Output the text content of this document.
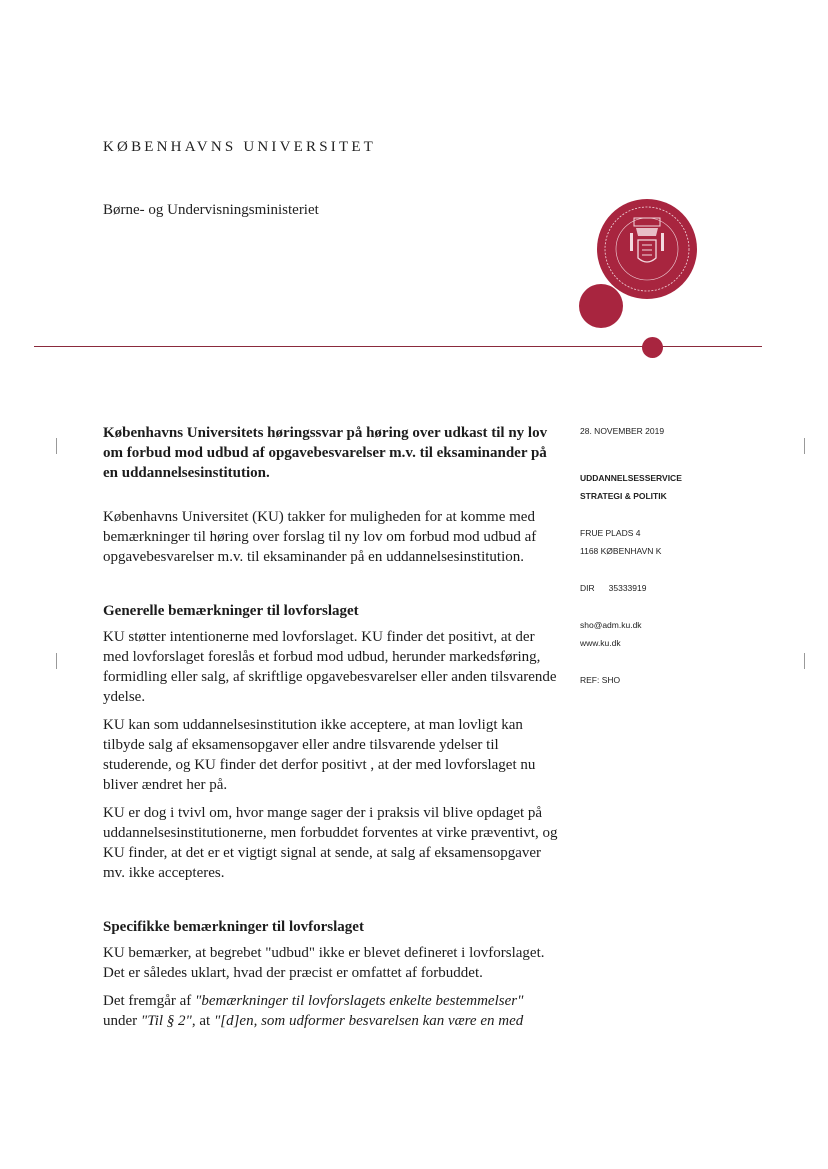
KØBENHAVNS UNIVERSITET
Børne- og Undervisningsministeriet
Københavns Universitets høringssvar på høring over udkast til ny lov om forbud mod udbud af opgavebesvarelser m.v. til eksaminander på en uddannelsesinstitution.

Københavns Universitet (KU) takker for muligheden for at komme med bemærkninger til høring over forslag til ny lov om forbud mod udbud af opgavebesvarelser m.v. til eksaminander på en uddannelsesinstitution.

Generelle bemærkninger til lovforslaget

KU støtter intentionerne med lovforslaget. KU finder det positivt, at der med lovforslaget foreslås et forbud mod udbud, herunder markedsføring, formidling eller salg, af skriftlige opgavebesvarelser eller anden tilsvarende ydelse.

KU kan som uddannelsesinstitution ikke acceptere, at man lovligt kan tilbyde salg af eksamensopgaver eller andre tilsvarende ydelser til studerende, og KU finder det derfor positivt , at der med lovforslaget nu bliver ændret her på.

KU er dog i tvivl om, hvor mange sager der i praksis vil blive opdaget på uddannelsesinstitutionerne, men forbuddet forventes at virke præventivt, og KU finder, at det er et vigtigt signal at sende, at salg af eksamensopgaver mv. ikke accepteres.

Specifikke bemærkninger til lovforslaget

KU bemærker, at begrebet "udbud" ikke er blevet defineret i lovforslaget. Det er således uklart, hvad der præcist er omfattet af forbuddet.

Det fremgår af "bemærkninger til lovforslagets enkelte bestemmelser" under "Til § 2", at "[d]en, som udformer besvarelsen kan være en med

28. NOVEMBER 2019
UDDANNELSESSERVICE
STRATEGI & POLITIK
FRUE PLADS 4
1168 KØBENHAVN K
DIR 35333919
sho@adm.ku.dk
www.ku.dk
REF: SHO
